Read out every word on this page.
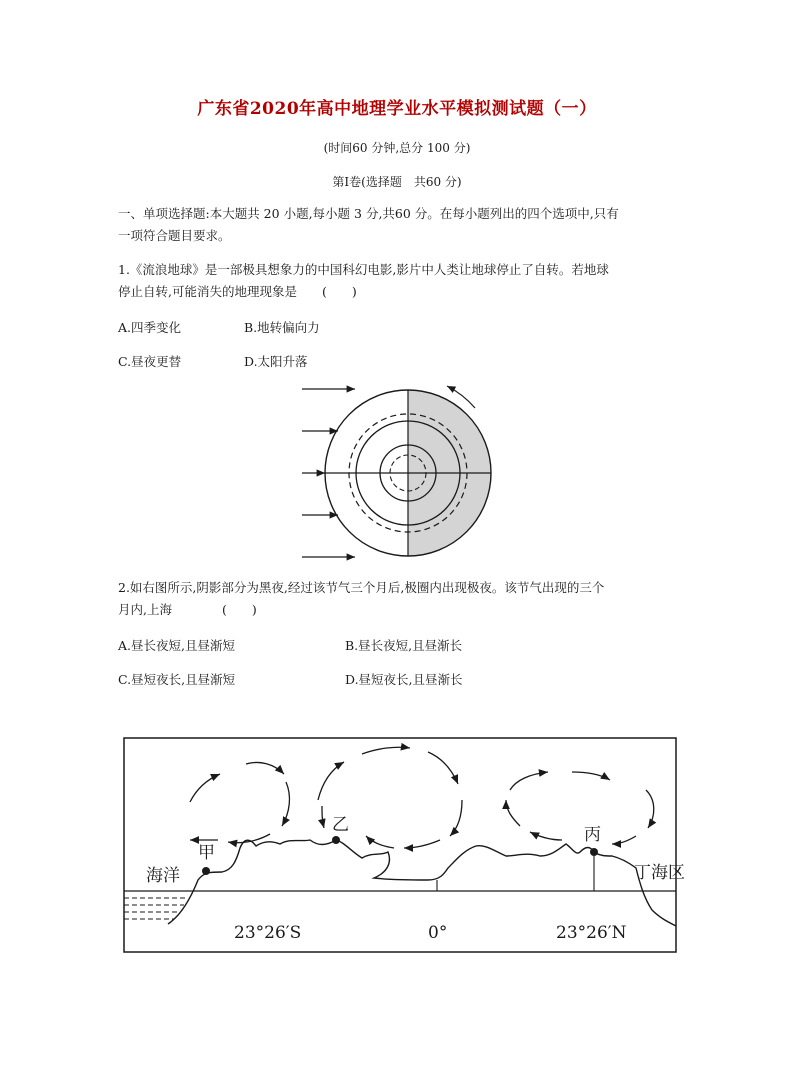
广东省2020年高中地理学业水平模拟测试题（一）
(时间60 分钟,总分 100 分)
第Ⅰ卷(选择题　共60 分)
一、单项选择题:本大题共 20 小题,每小题 3 分,共60 分。在每小题列出的四个选项中,只有
一项符合题目要求。
1.《流浪地球》是一部极具想象力的中国科幻电影,影片中人类让地球停止了自转。若地球
停止自转,可能消失的地理现象是　　(　　)
A.四季变化	B.地转偏向力
C.昼夜更替	D.太阳升落
2.如右图所示,阴影部分为黑夜,经过该节气三个月后,极圈内出现极夜。该节气出现的三个
月内,上海　　　　(　　)
A.昼长夜短,且昼渐短	B.昼长夜短,且昼渐长
C.昼短夜长,且昼渐短	D.昼短夜长,且昼渐长
海洋
甲
乙	丙
丁海区
23°26′S	0°	23°26′N
